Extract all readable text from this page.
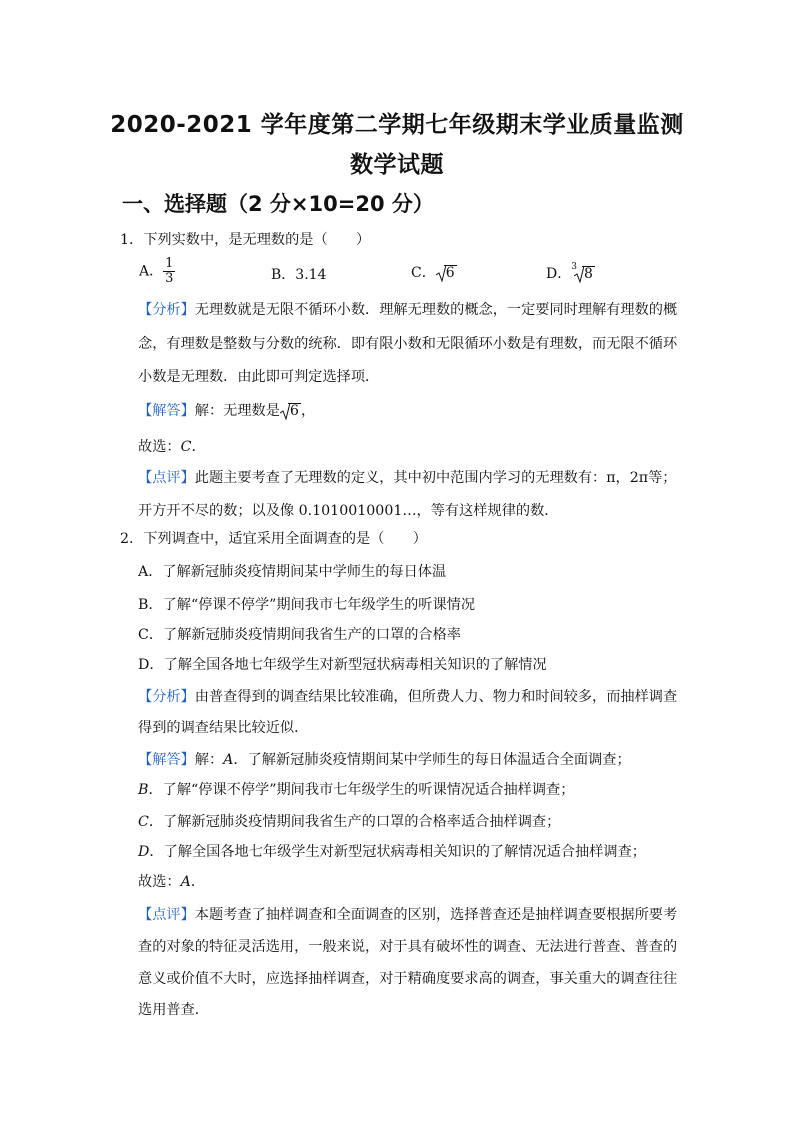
2020-2021 学年度第二学期七年级期末学业质量监测
数学试题
一、选择题（2 分×10=20 分）
1．下列实数中，是无理数的是（　　）
A． $\frac{1}{3}$	B．3.14	C． 6	D．$^3$ 8
【分析】无理数就是无限不循环小数．理解无理数的概念，一定要同时理解有理数的概
念，有理数是整数与分数的统称．即有限小数和无限循环小数是有理数，而无限不循环
小数是无理数．由此即可判定选择项．
【解答】解：无理数是 6 ，
故选：C．
【点评】此题主要考查了无理数的定义，其中初中范围内学习的无理数有：π，2π等；
开方开不尽的数；以及像 0.1010010001…，等有这样规律的数．
2．下列调查中，适宜采用全面调查的是（　　）
A．了解新冠肺炎疫情期间某中学师生的每日体温
B．了解“停课不停学”期间我市七年级学生的听课情况
C．了解新冠肺炎疫情期间我省生产的口罩的合格率
D．了解全国各地七年级学生对新型冠状病毒相关知识的了解情况
【分析】由普查得到的调查结果比较准确，但所费人力、物力和时间较多，而抽样调查
得到的调查结果比较近似．
【解答】解：A．了解新冠肺炎疫情期间某中学师生的每日体温适合全面调查；
B．了解“停课不停学”期间我市七年级学生的听课情况适合抽样调查；
C．了解新冠肺炎疫情期间我省生产的口罩的合格率适合抽样调查；
D．了解全国各地七年级学生对新型冠状病毒相关知识的了解情况适合抽样调查；
故选：A．
【点评】本题考查了抽样调查和全面调查的区别，选择普查还是抽样调查要根据所要考
查的对象的特征灵活选用，一般来说，对于具有破坏性的调查、无法进行普查、普查的
意义或价值不大时，应选择抽样调查，对于精确度要求高的调查，事关重大的调查往往
选用普查．
